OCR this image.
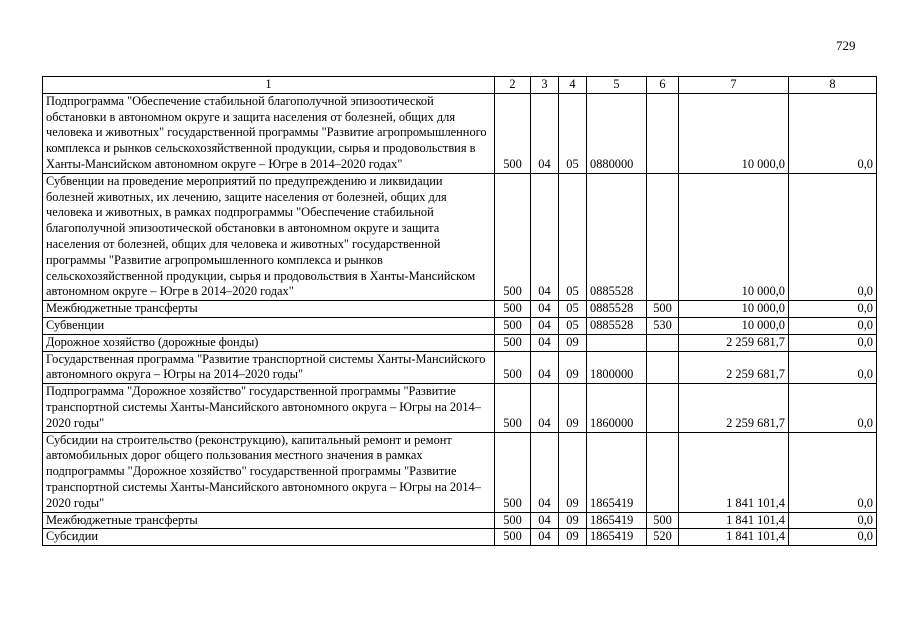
729
1	2	3	4	5	6	7	8
Подпрограмма "Обеспечение стабильной благополучной эпизоотической обстановки в автономном округе и защита населения от болезней, общих для человека и животных" государственной программы "Развитие агропромышленного комплекса и рынков сельскохозяйственной продукции, сырья и продовольствия в Ханты-Мансийском автономном округе – Югре в 2014–2020 годах"	500	04	05	0880000		10 000,0	0,0
Субвенции на проведение мероприятий по предупреждению и ликвидации болезней животных, их лечению, защите населения от болезней, общих для человека и животных, в рамках подпрограммы "Обеспечение стабильной благополучной эпизоотической обстановки в автономном округе и защита населения от болезней, общих для человека и животных" государственной программы "Развитие агропромышленного комплекса и рынков сельскохозяйственной продукции, сырья и продовольствия в Ханты-Мансийском автономном округе – Югре в 2014–2020 годах"	500	04	05	0885528		10 000,0	0,0
Межбюджетные трансферты	500	04	05	0885528	500	10 000,0	0,0
Субвенции	500	04	05	0885528	530	10 000,0	0,0
Дорожное хозяйство (дорожные фонды)	500	04	09			2 259 681,7	0,0
Государственная программа "Развитие транспортной системы Ханты-Мансийского автономного округа – Югры на 2014–2020 годы"	500	04	09	1800000		2 259 681,7	0,0
Подпрограмма "Дорожное хозяйство" государственной программы "Развитие транспортной системы Ханты-Мансийского автономного округа – Югры на 2014–2020 годы"	500	04	09	1860000		2 259 681,7	0,0
Субсидии на строительство (реконструкцию), капитальный ремонт и ремонт автомобильных дорог общего пользования местного значения в рамках подпрограммы "Дорожное хозяйство" государственной программы "Развитие транспортной системы Ханты-Мансийского автономного округа – Югры на 2014–2020 годы"	500	04	09	1865419		1 841 101,4	0,0
Межбюджетные трансферты	500	04	09	1865419	500	1 841 101,4	0,0
Субсидии	500	04	09	1865419	520	1 841 101,4	0,0
